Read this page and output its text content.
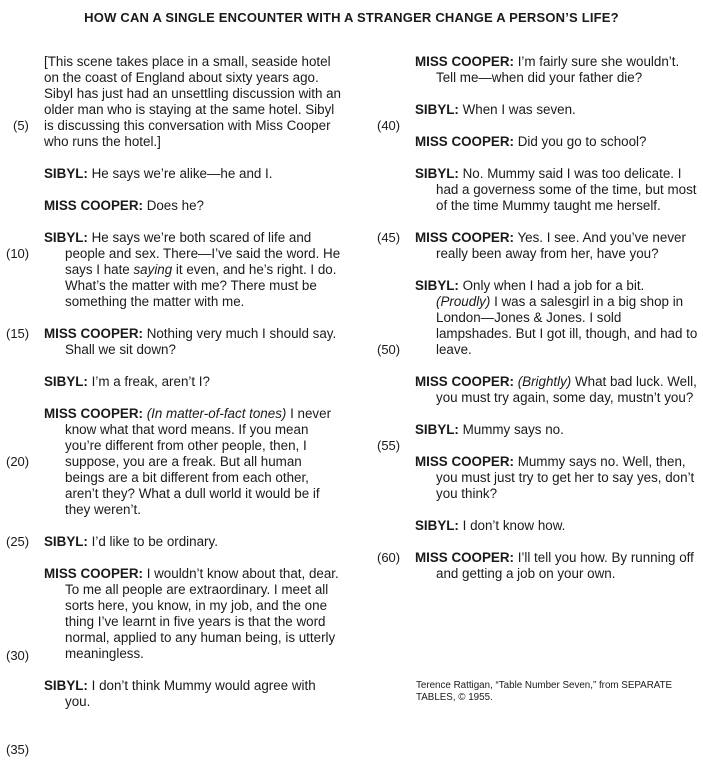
HOW CAN A SINGLE ENCOUNTER WITH A STRANGER CHANGE A PERSON’S LIFE?
(5)
(10)
(15)
(20)
(25)
(30)
(35)
(40)
(45)
(50)
(55)
(60)
[This scene takes place in a small, seaside hotel on the coast of England about sixty years ago. Sibyl has just had an unsettling discussion with an older man who is staying at the same hotel. Sibyl is discussing this conversation with Miss Cooper who runs the hotel.]
SIBYL: He says we’re alike—he and I.
MISS COOPER: Does he?
SIBYL: He says we’re both scared of life and people and sex. There—I’ve said the word. He says I hate saying it even, and he’s right. I do. What’s the matter with me? There must be something the matter with me.
MISS COOPER: Nothing very much I should say. Shall we sit down?
SIBYL: I’m a freak, aren’t I?
MISS COOPER: (In matter-of-fact tones) I never know what that word means. If you mean you’re different from other people, then, I suppose, you are a freak. But all human beings are a bit different from each other, aren’t they? What a dull world it would be if they weren’t.
SIBYL: I’d like to be ordinary.
MISS COOPER: I wouldn’t know about that, dear. To me all people are extraordinary. I meet all sorts here, you know, in my job, and the one thing I’ve learnt in five years is that the word normal, applied to any human being, is utterly meaningless.
SIBYL: I don’t think Mummy would agree with you.
MISS COOPER: I’m fairly sure she wouldn’t. Tell me—when did your father die?
SIBYL: When I was seven.
MISS COOPER: Did you go to school?
SIBYL: No. Mummy said I was too delicate. I had a governess some of the time, but most of the time Mummy taught me herself.
MISS COOPER: Yes. I see. And you’ve never really been away from her, have you?
SIBYL: Only when I had a job for a bit. (Proudly) I was a salesgirl in a big shop in London—Jones & Jones. I sold lampshades. But I got ill, though, and had to leave.
MISS COOPER: (Brightly) What bad luck. Well, you must try again, some day, mustn’t you?
SIBYL: Mummy says no.
MISS COOPER: Mummy says no. Well, then, you must just try to get her to say yes, don’t you think?
SIBYL: I don’t know how.
MISS COOPER: I’ll tell you how. By running off and getting a job on your own.
Terence Rattigan, “Table Number Seven,” from SEPARATE TABLES, © 1955.
